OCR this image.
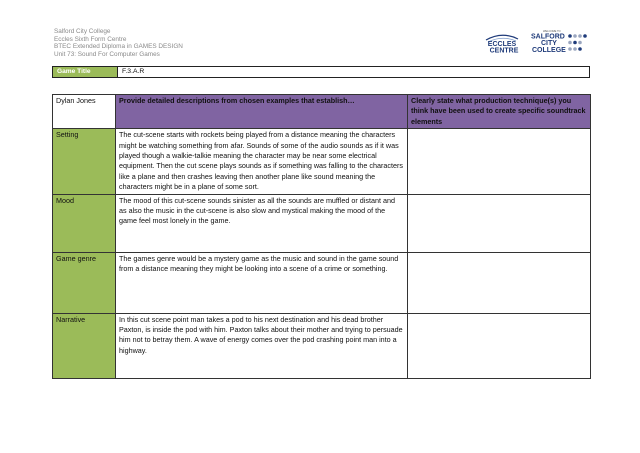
Salford City College
Eccles Sixth Form Centre
BTEC Extended Diploma in GAMES DESIGN
Unit 73: Sound For Computer Games
ECCLES
CENTRE
WELCOME TO
SALFORD
CITY
COLLEGE
Game Title	F.3.A.R
Dylan Jones	Provide detailed descriptions from chosen examples that establish…	Clearly state what production technique(s) you think have been used to create specific soundtrack elements
Setting	The cut-scene starts with rockets being played from a distance meaning the characters might be watching something from afar. Sounds of some of the audio sounds as if it was played though a walkie-talkie meaning the character may be near some electrical equipment. Then the cut scene plays sounds as if something was falling to the characters like a plane and then crashes leaving then another plane like sound meaning the characters might be in a plane of some sort.	
Mood	The mood of this cut-scene sounds sinister as all the sounds are muffled or distant and as also the music in the cut-scene is also slow and mystical making the mood of the game feel most lonely in the game.	
Game genre	The games genre would be a mystery game as the music and sound in the game sound from a distance meaning they might be looking into a scene of a crime or something.	
Narrative	In this cut scene point man takes a pod to his next destination and his dead brother Paxton, is inside the pod with him. Paxton talks about their mother and trying to persuade him not to betray them. A wave of energy comes over the pod crashing point man into a highway.	
